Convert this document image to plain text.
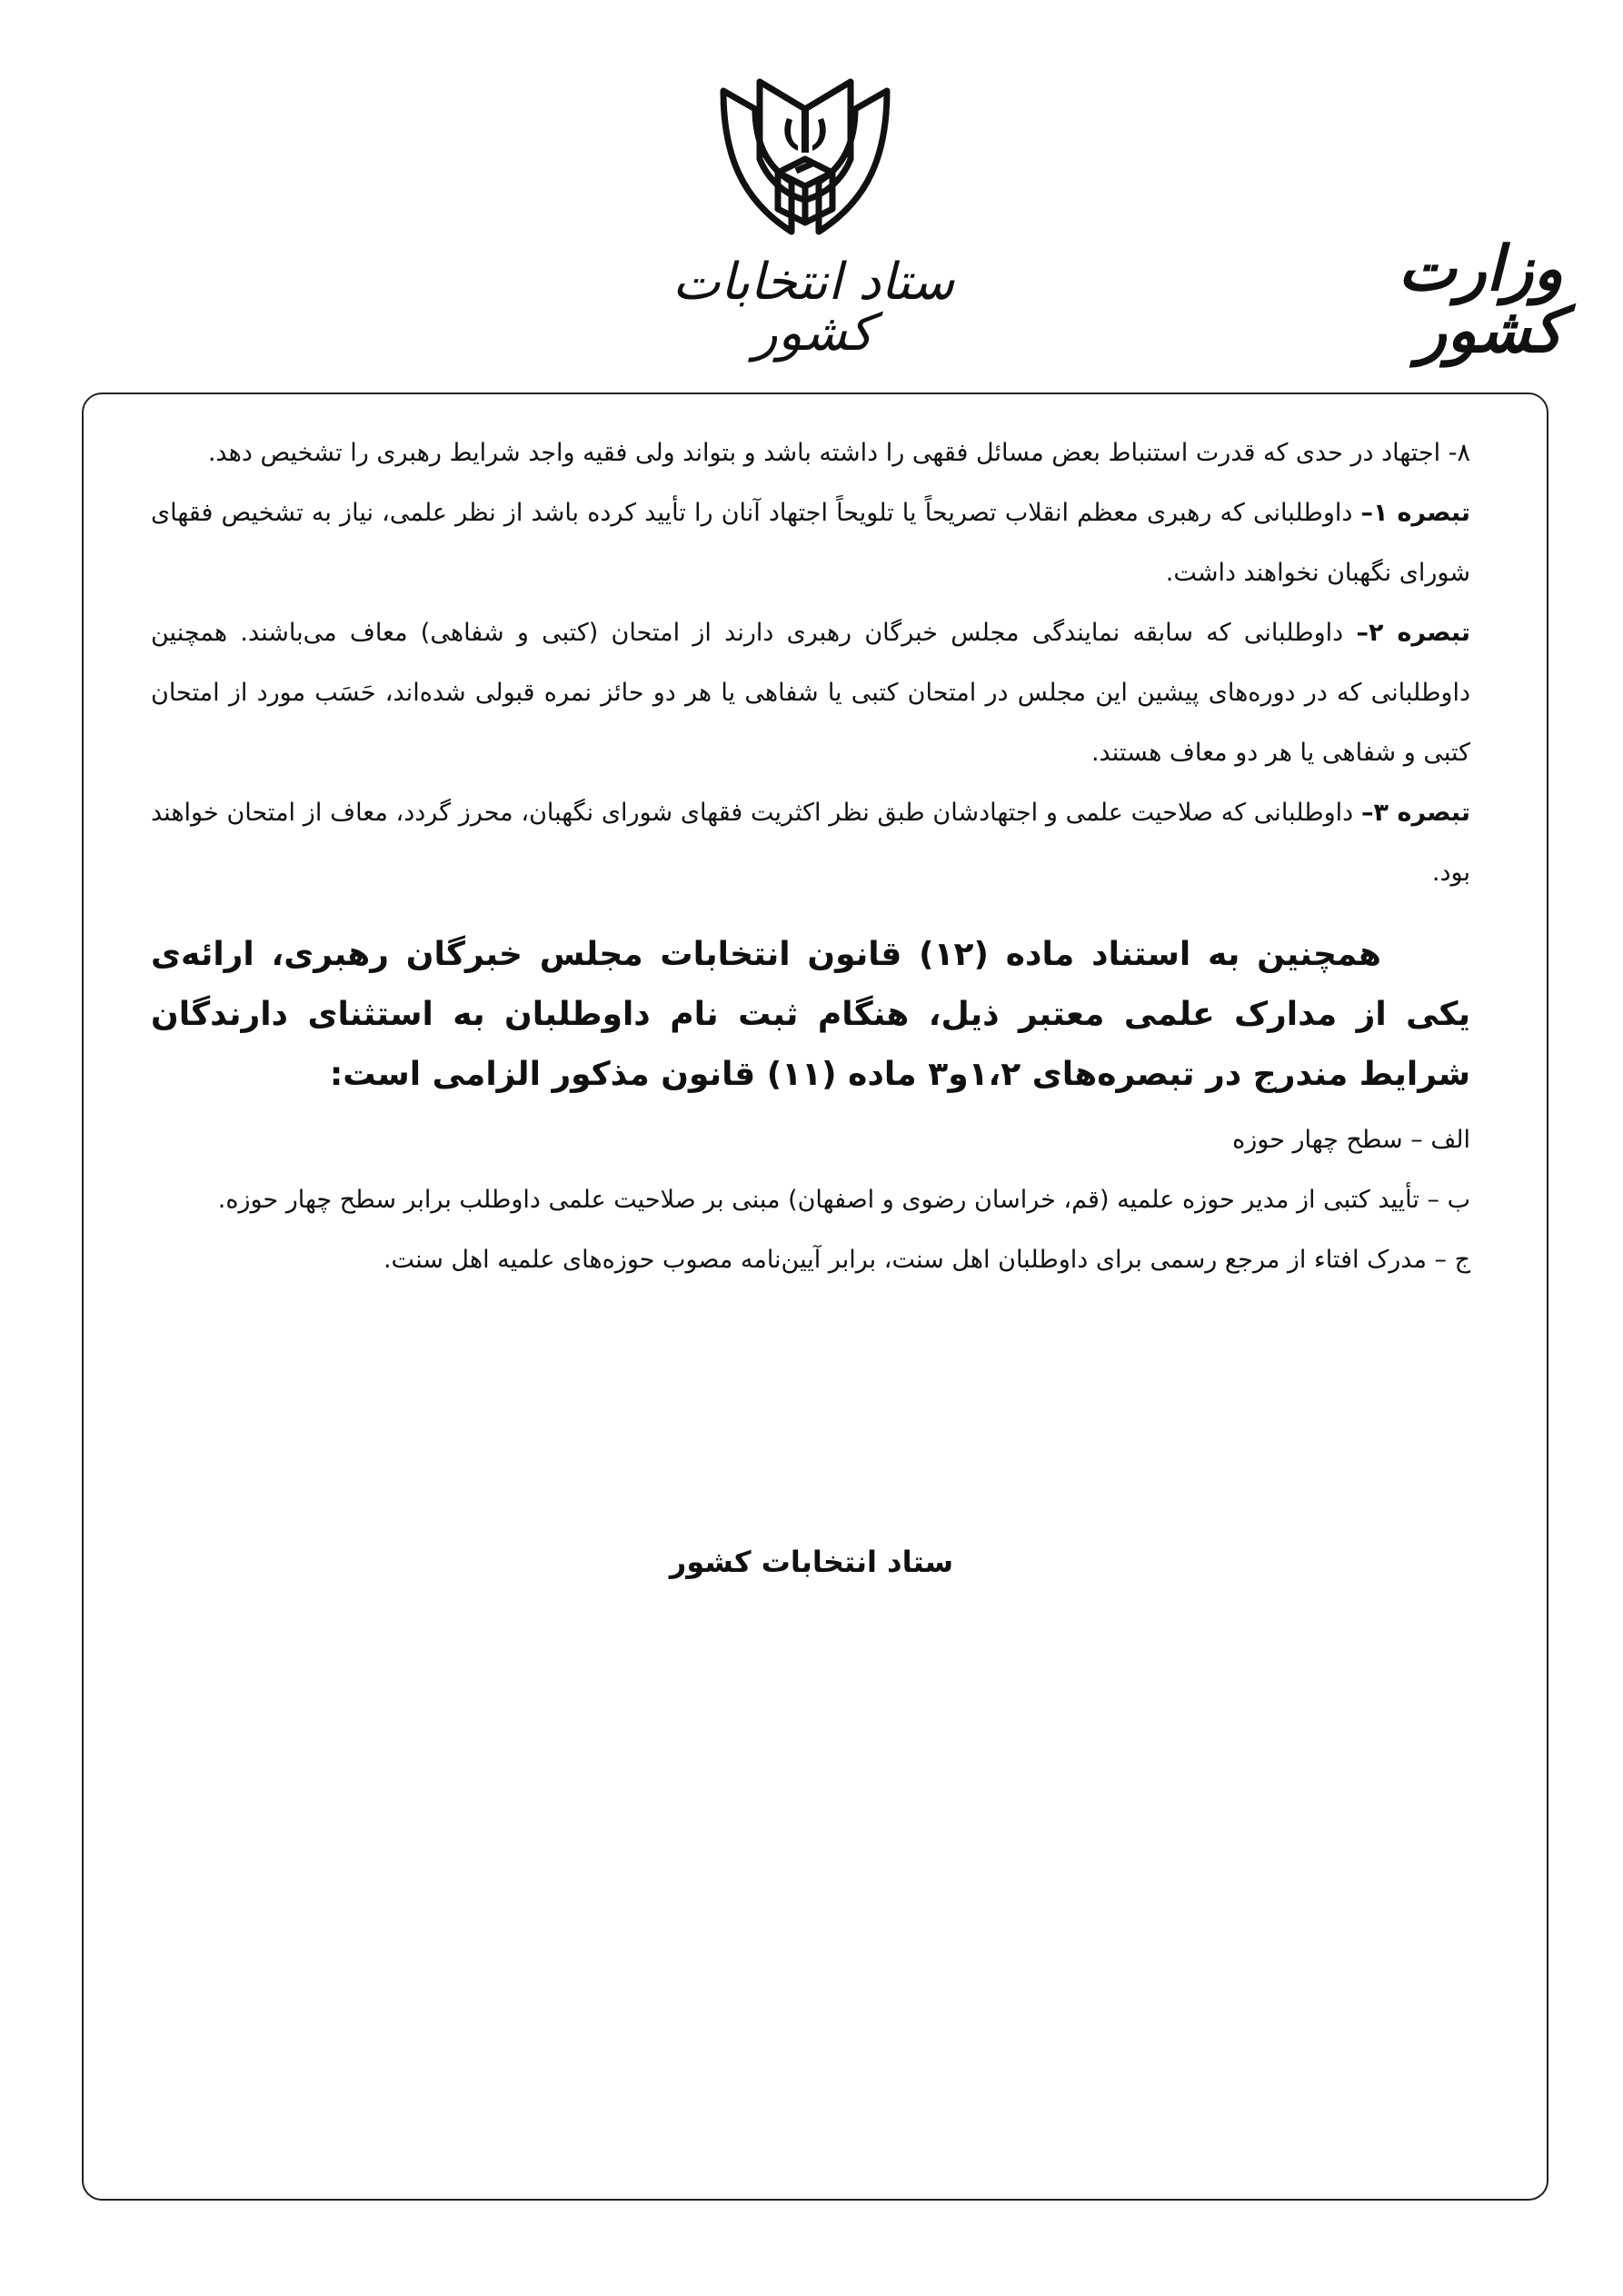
ستاد انتخابات کشور
وزارت کشور

۸- اجتهاد در حدی که قدرت استنباط بعض مسائل فقهی را داشته باشد و بتواند ولی فقیه واجد شرایط رهبری را تشخیص دهد.

تبصره ۱– داوطلبانی که رهبری معظم انقلاب تصریحاً یا تلویحاً اجتهاد آنان را تأیید کرده باشد از نظر علمی، نیاز به تشخیص فقهای شورای نگهبان نخواهند داشت.

تبصره ۲– داوطلبانی که سابقه نمایندگی مجلس خبرگان رهبری دارند از امتحان (کتبی و شفاهی) معاف می‌باشند. همچنین داوطلبانی که در دوره‌های پیشین این مجلس در امتحان کتبی یا شفاهی یا هر دو حائز نمره قبولی شده‌اند، حَسَب مورد از امتحان کتبی و شفاهی یا هر دو معاف هستند.

تبصره ۳– داوطلبانی که صلاحیت علمی و اجتهادشان طبق نظر اکثریت فقهای شورای نگهبان، محرز گردد، معاف از امتحان خواهند بود.

همچنین به استناد ماده (۱۲) قانون انتخابات مجلس خبرگان رهبری، ارائه‌ی یکی از مدارک علمی معتبر ذیل، هنگام ثبت نام داوطلبان به استثنای دارندگان شرایط مندرج در تبصره‌های ۱،۲و۳ ماده (۱۱) قانون مذکور الزامی است:

الف – سطح چهار حوزه
ب – تأیید کتبی از مدیر حوزه علمیه (قم، خراسان رضوی و اصفهان) مبنی بر صلاحیت علمی داوطلب برابر سطح چهار حوزه.
ج – مدرک افتاء از مرجع رسمی برای داوطلبان اهل سنت، برابر آیین‌نامه مصوب حوزه‌های علمیه اهل سنت.
ستاد انتخابات کشور
